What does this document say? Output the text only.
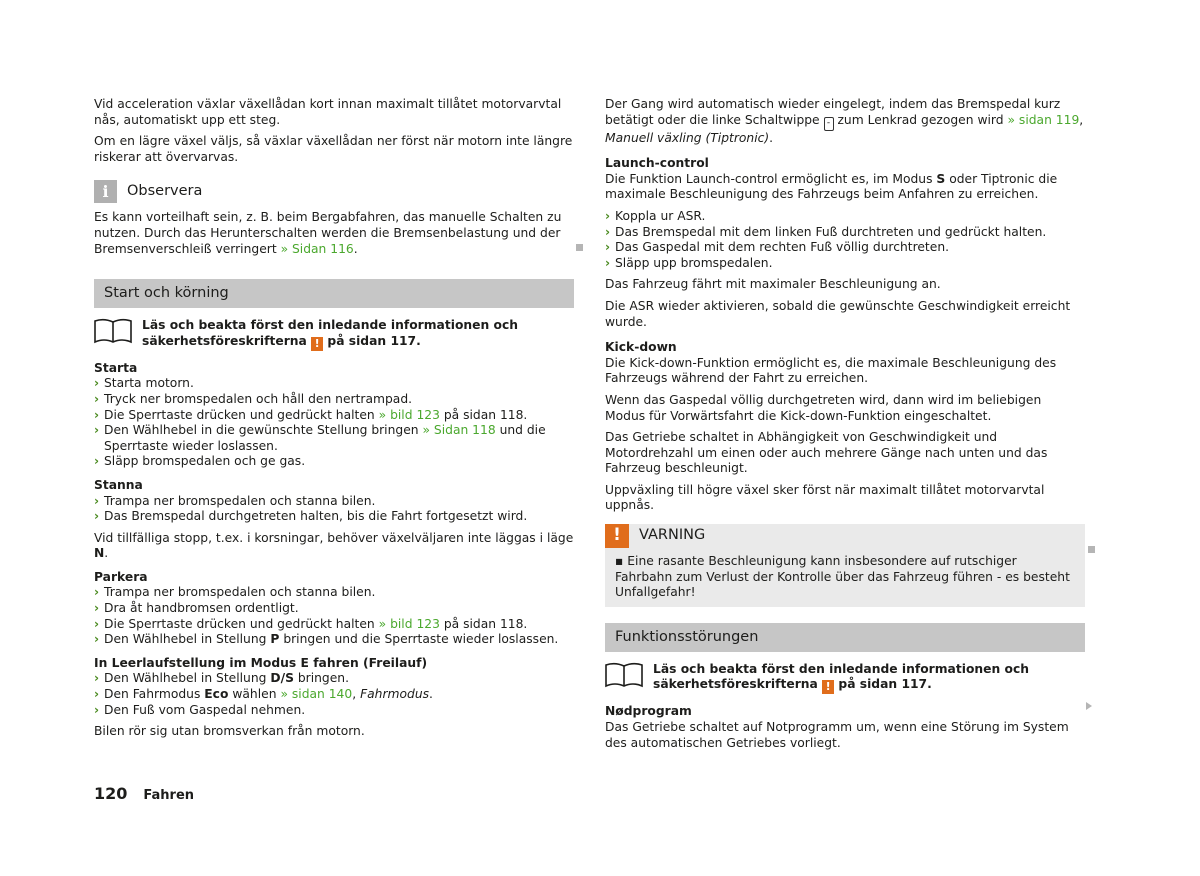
Vid acceleration växlar växellådan kort innan maximalt tillåtet motorvarvtal nås, automatiskt upp ett steg.

Om en lägre växel väljs, så växlar växellådan ner först när motorn inte längre riskerar att övervarvas.

i	Observera

Es kann vorteilhaft sein, z. B. beim Bergabfahren, das manuelle Schalten zu nutzen. Durch das Herunterschalten werden die Bremsenbelastung und der Bremsenverschleiß verringert » Sidan 116.

Start och körning
Läs och beakta först den inledande informationen och säkerhetsföreskrifterna ! på sidan 117.
Starta
› Starta motorn.
› Tryck ner bromspedalen och håll den nertrampad.
› Die Sperrtaste drücken und gedrückt halten » bild 123 på sidan 118.
› Den Wählhebel in die gewünschte Stellung bringen » Sidan 118 und die Sperrtaste wieder loslassen.
› Släpp bromspedalen och ge gas.
Stanna
› Trampa ner bromspedalen och stanna bilen.
› Das Bremspedal durchgetreten halten, bis die Fahrt fortgesetzt wird.

Vid tillfälliga stopp, t.ex. i korsningar, behöver växelväljaren inte läggas i läge N.

Parkera
› Trampa ner bromspedalen och stanna bilen.
› Dra åt handbromsen ordentligt.
› Die Sperrtaste drücken und gedrückt halten » bild 123 på sidan 118.
› Den Wählhebel in Stellung P bringen und die Sperrtaste wieder loslassen.
In Leerlaufstellung im Modus E fahren (Freilauf)
› Den Wählhebel in Stellung D/S bringen.
› Den Fahrmodus Eco wählen » sidan 140, Fahrmodus.
› Den Fuß vom Gaspedal nehmen.

Bilen rör sig utan bromsverkan från motorn.

Der Gang wird automatisch wieder eingelegt, indem das Bremspedal kurz betätigt oder die linke Schaltwippe - zum Lenkrad gezogen wird » sidan 119, Manuell växling (Tiptronic).

Launch-control

Die Funktion Launch-control ermöglicht es, im Modus S oder Tiptronic die maximale Beschleunigung des Fahrzeugs beim Anfahren zu erreichen.

› Koppla ur ASR.
› Das Bremspedal mit dem linken Fuß durchtreten und gedrückt halten.
› Das Gaspedal mit dem rechten Fuß völlig durchtreten.
› Släpp upp bromspedalen.

Das Fahrzeug fährt mit maximaler Beschleunigung an.

Die ASR wieder aktivieren, sobald die gewünschte Geschwindigkeit erreicht wurde.

Kick-down

Die Kick-down-Funktion ermöglicht es, die maximale Beschleunigung des Fahrzeugs während der Fahrt zu erreichen.

Wenn das Gaspedal völlig durchgetreten wird, dann wird im beliebigen Modus für Vorwärtsfahrt die Kick-down-Funktion eingeschaltet.

Das Getriebe schaltet in Abhängigkeit von Geschwindigkeit und Motordrehzahl um einen oder auch mehrere Gänge nach unten und das Fahrzeug beschleunigt.

Uppväxling till högre växel sker först när maximalt tillåtet motorvarvtal uppnås.

!	VARNING
▪ Eine rasante Beschleunigung kann insbesondere auf rutschiger Fahrbahn zum Verlust der Kontrolle über das Fahrzeug führen - es besteht Unfallgefahr!
Funktionsstörungen
Läs och beakta först den inledande informationen och säkerhetsföreskrifterna ! på sidan 117.
Nødprogram

Das Getriebe schaltet auf Notprogramm um, wenn eine Störung im System des automatischen Getriebes vorliegt.

120 Fahren
